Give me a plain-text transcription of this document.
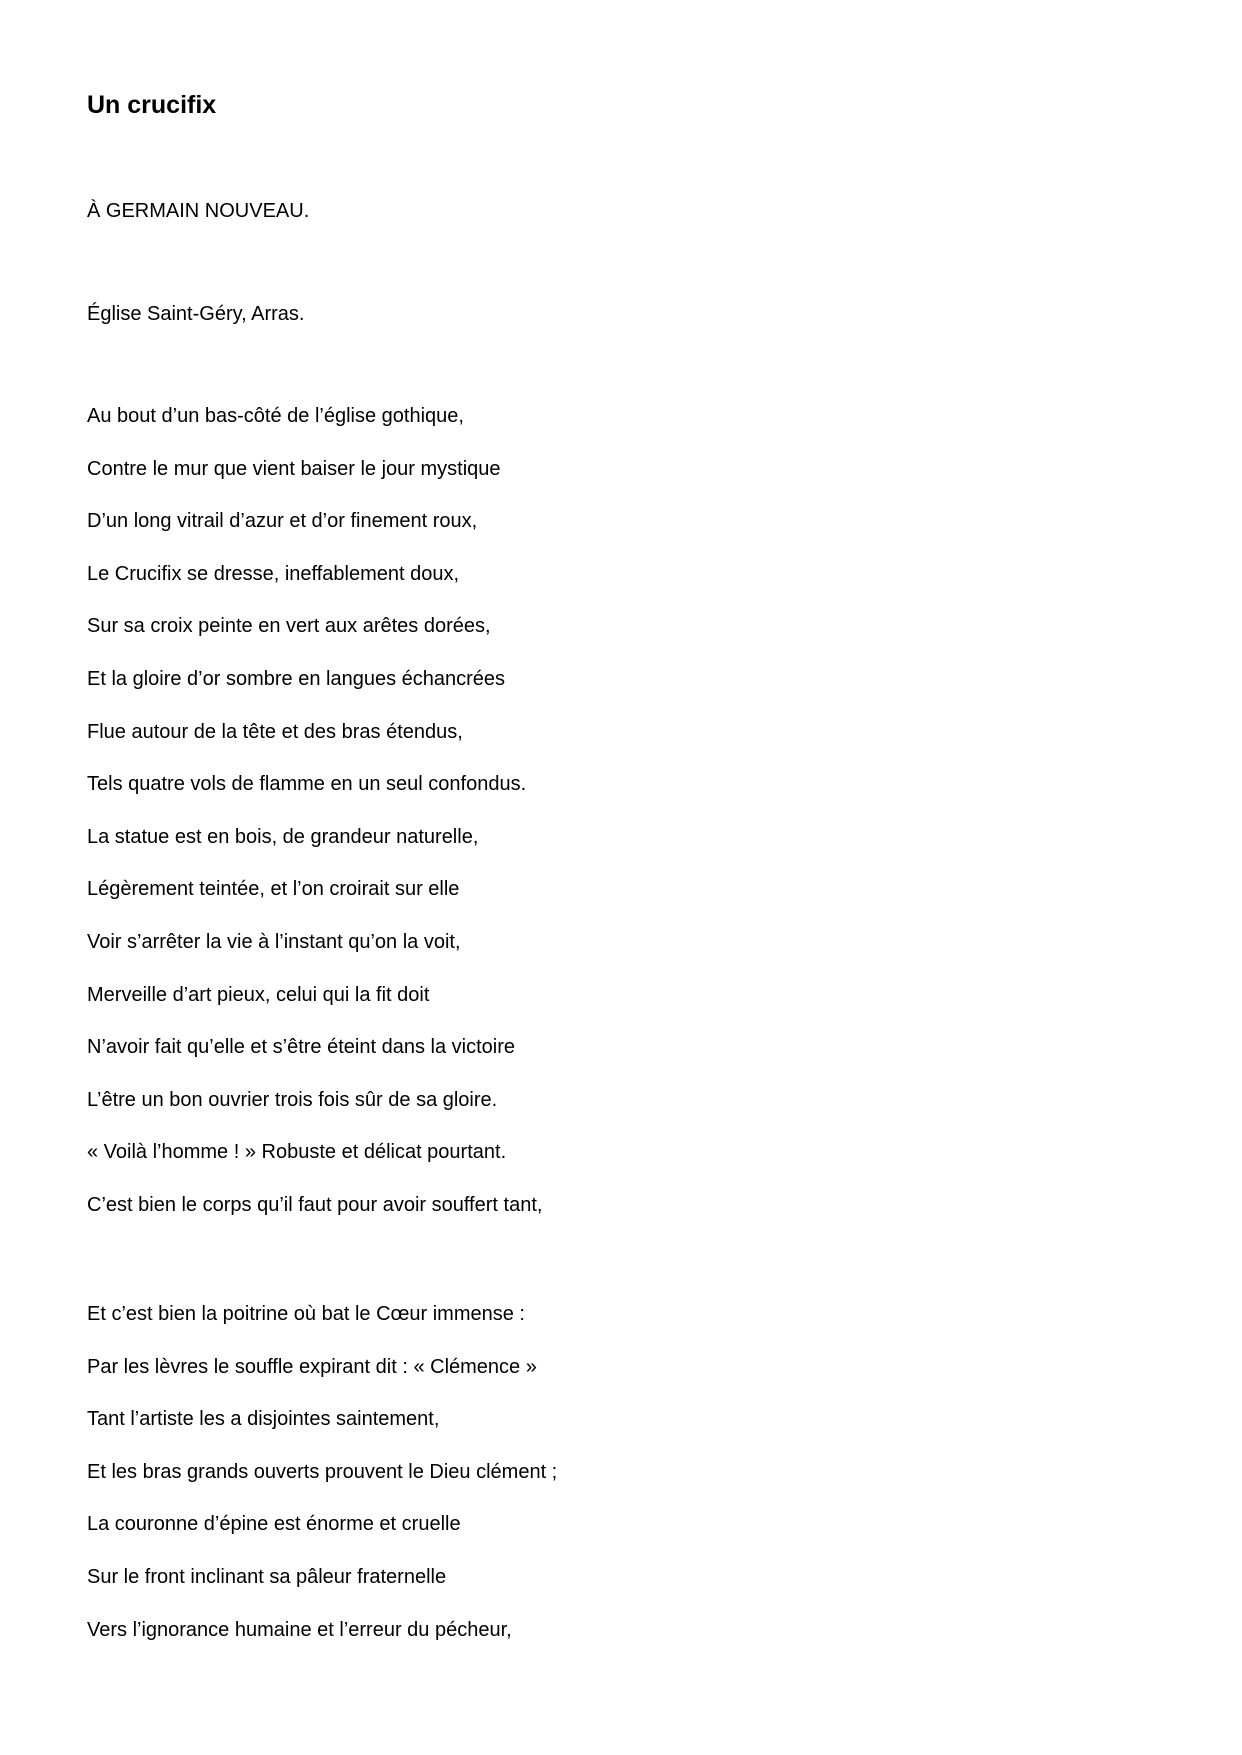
Un crucifix
À GERMAIN NOUVEAU.
Église Saint-Géry, Arras.
Au bout d’un bas-côté de l’église gothique,
Contre le mur que vient baiser le jour mystique
D’un long vitrail d’azur et d’or finement roux,
Le Crucifix se dresse, ineffablement doux,
Sur sa croix peinte en vert aux arêtes dorées,
Et la gloire d’or sombre en langues échancrées
Flue autour de la tête et des bras étendus,
Tels quatre vols de flamme en un seul confondus.
La statue est en bois, de grandeur naturelle,
Légèrement teintée, et l’on croirait sur elle
Voir s’arrêter la vie à l’instant qu’on la voit,
Merveille d’art pieux, celui qui la fit doit
N’avoir fait qu’elle et s’être éteint dans la victoire
L’être un bon ouvrier trois fois sûr de sa gloire.
« Voilà l’homme ! » Robuste et délicat pourtant.
C’est bien le corps qu’il faut pour avoir souffert tant,
Et c’est bien la poitrine où bat le Cœur immense :
Par les lèvres le souffle expirant dit : « Clémence »
Tant l’artiste les a disjointes saintement,
Et les bras grands ouverts prouvent le Dieu clément ;
La couronne d’épine est énorme et cruelle
Sur le front inclinant sa pâleur fraternelle
Vers l’ignorance humaine et l’erreur du pécheur,
